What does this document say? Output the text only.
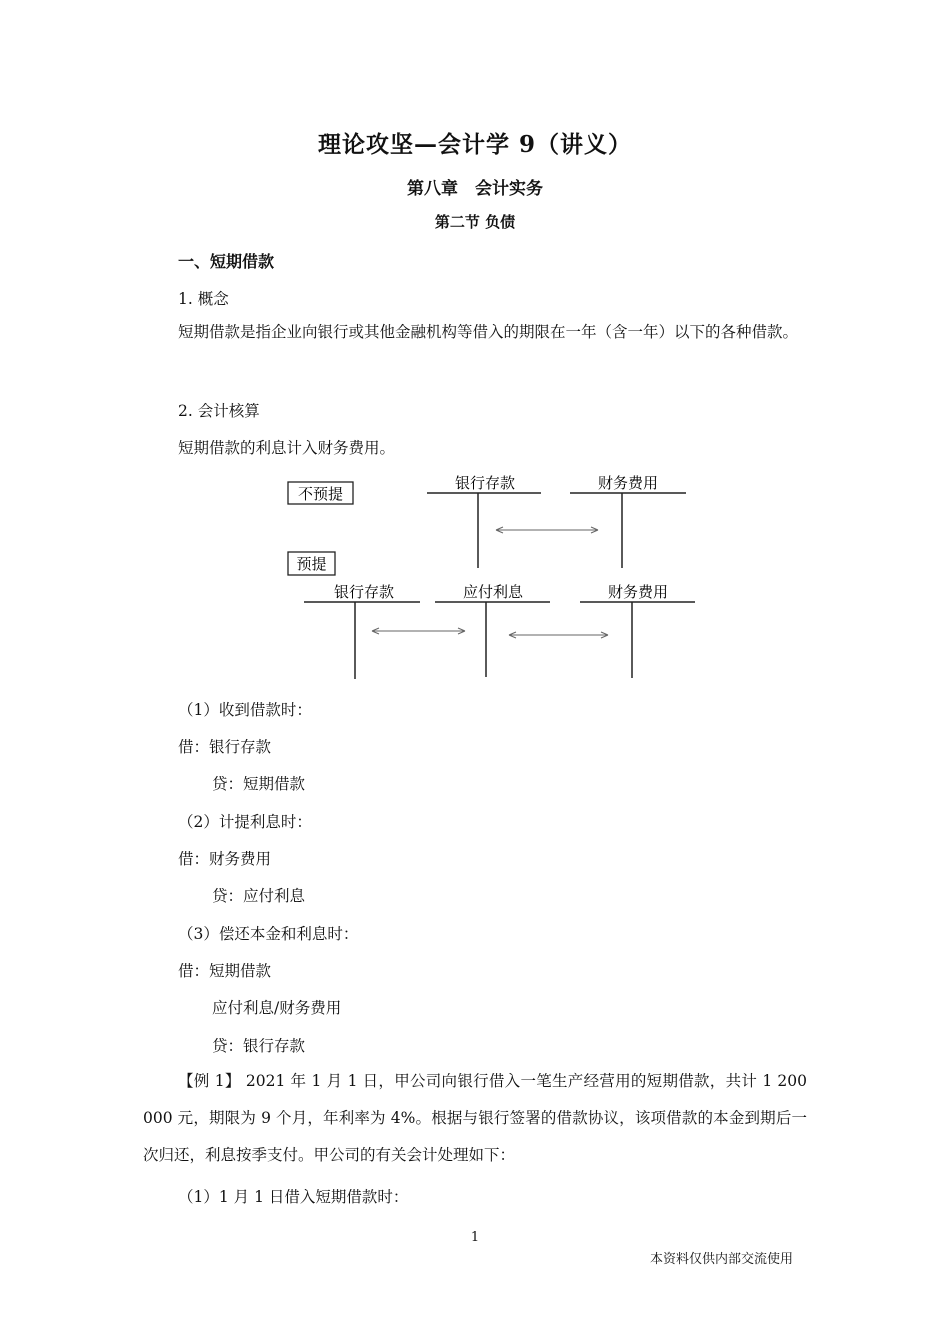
理论攻坚—会计学 9（讲义）
第八章　会计实务
第二节 负债
一、短期借款
1. 概念
短期借款是指企业向银行或其他金融机构等借入的期限在一年（含一年）以下的各种借款。
2. 会计核算
短期借款的利息计入财务费用。
不预提
银行存款	财务费用
预提
银行存款	应付利息	财务费用
（1）收到借款时：
借：银行存款
贷：短期借款
（2）计提利息时：
借：财务费用
贷：应付利息
（3）偿还本金和利息时：
借：短期借款
应付利息/财务费用
贷：银行存款
【例 1】 2021 年 1 月 1 日，甲公司向银行借入一笔生产经营用的短期借款，共计 1 200 000 元，期限为 9 个月，年利率为 4%。根据与银行签署的借款协议，该项借款的本金到期后一次归还，利息按季支付。甲公司的有关会计处理如下：
（1）1 月 1 日借入短期借款时：
1
本资料仅供内部交流使用
